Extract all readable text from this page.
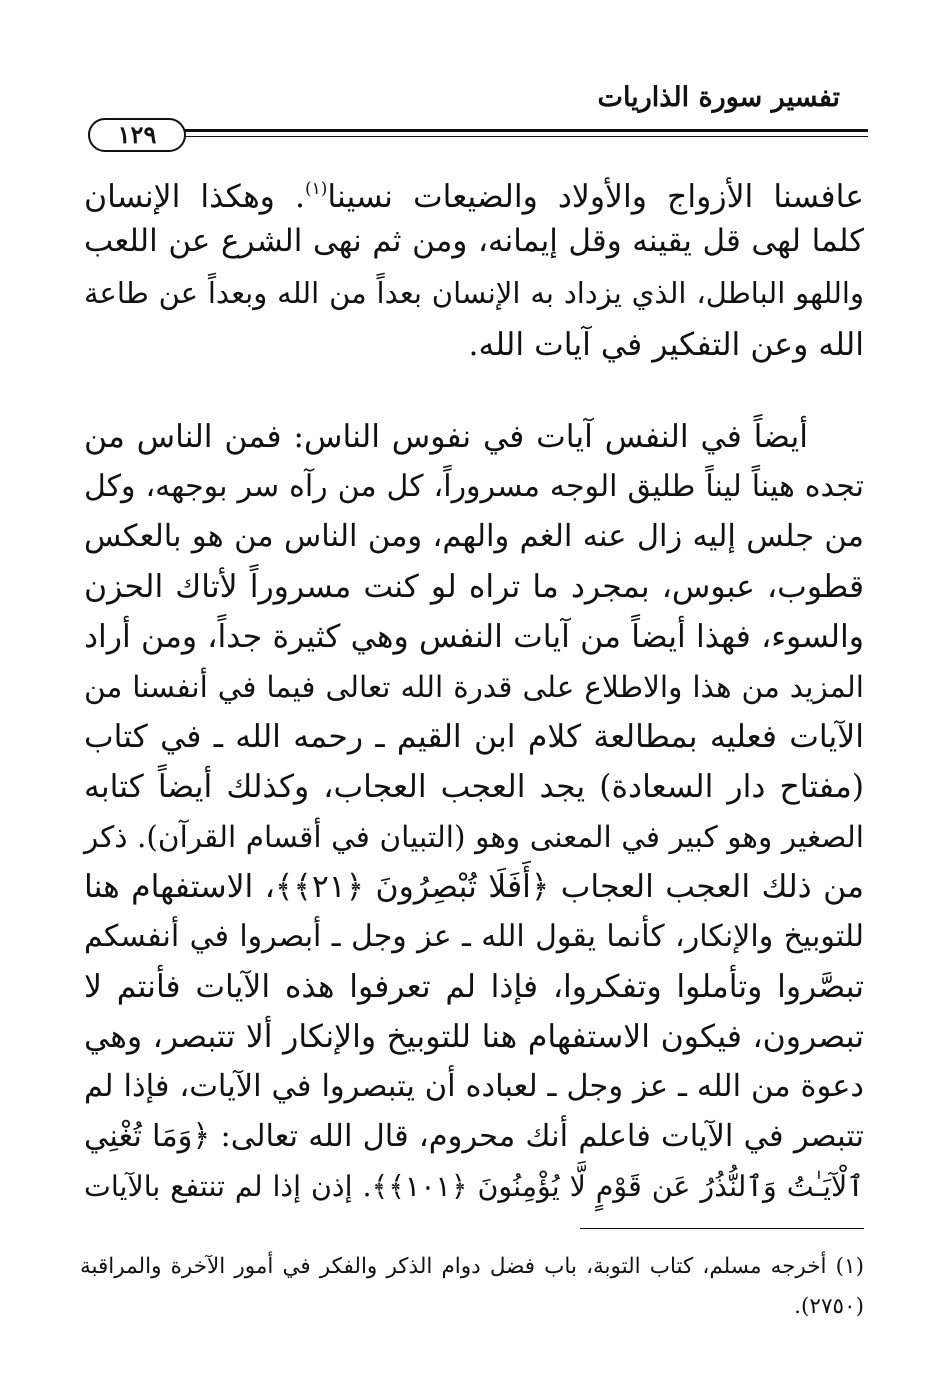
تفسير سورة الذاريات
١٢٩
عافسنا الأزواج والأولاد والضيعات نسينا$^{(١)}$. وهكذا الإنسان
كلما لهى قل يقينه وقل إيمانه، ومن ثم نهى الشرع عن اللعب
واللهو الباطل، الذي يزداد به الإنسان بعداً من الله وبعداً عن طاعة
الله وعن التفكير في آيات الله.
أيضاً في النفس آيات في نفوس الناس: فمن الناس من
تجده هيناً ليناً طليق الوجه مسروراً، كل من رآه سر بوجهه، وكل
من جلس إليه زال عنه الغم والهم، ومن الناس من هو بالعكس
قطوب، عبوس، بمجرد ما تراه لو كنت مسروراً لأتاك الحزن
والسوء، فهذا أيضاً من آيات النفس وهي كثيرة جداً، ومن أراد
المزيد من هذا والاطلاع على قدرة الله تعالى فيما في أنفسنا من
الآيات فعليه بمطالعة كلام ابن القيم ـ رحمه الله ـ في كتاب
(مفتاح دار السعادة) يجد العجب العجاب، وكذلك أيضاً كتابه
الصغير وهو كبير في المعنى وهو (التبيان في أقسام القرآن). ذكر
من ذلك العجب العجاب ﴿أَفَلَا تُبْصِرُونَ ﴿٢١﴾﴾، الاستفهام هنا
للتوبيخ والإنكار، كأنما يقول الله ـ عز وجل ـ أبصروا في أنفسكم
تبصَّروا وتأملوا وتفكروا، فإذا لم تعرفوا هذه الآيات فأنتم لا
تبصرون، فيكون الاستفهام هنا للتوبيخ والإنكار ألا تتبصر، وهي
دعوة من الله ـ عز وجل ـ لعباده أن يتبصروا في الآيات، فإذا لم
تتبصر في الآيات فاعلم أنك محروم، قال الله تعالى: ﴿وَمَا تُغْنِي
ٱلْآيَـٰتُ وَٱلنُّذُرُ عَن قَوْمٍ لَّا يُؤْمِنُونَ ﴿١٠١﴾﴾. إذن إذا لم تنتفع بالآيات
(١) أخرجه مسلم، كتاب التوبة، باب فضل دوام الذكر والفكر في أمور الآخرة والمراقبة
(٢٧٥٠).
